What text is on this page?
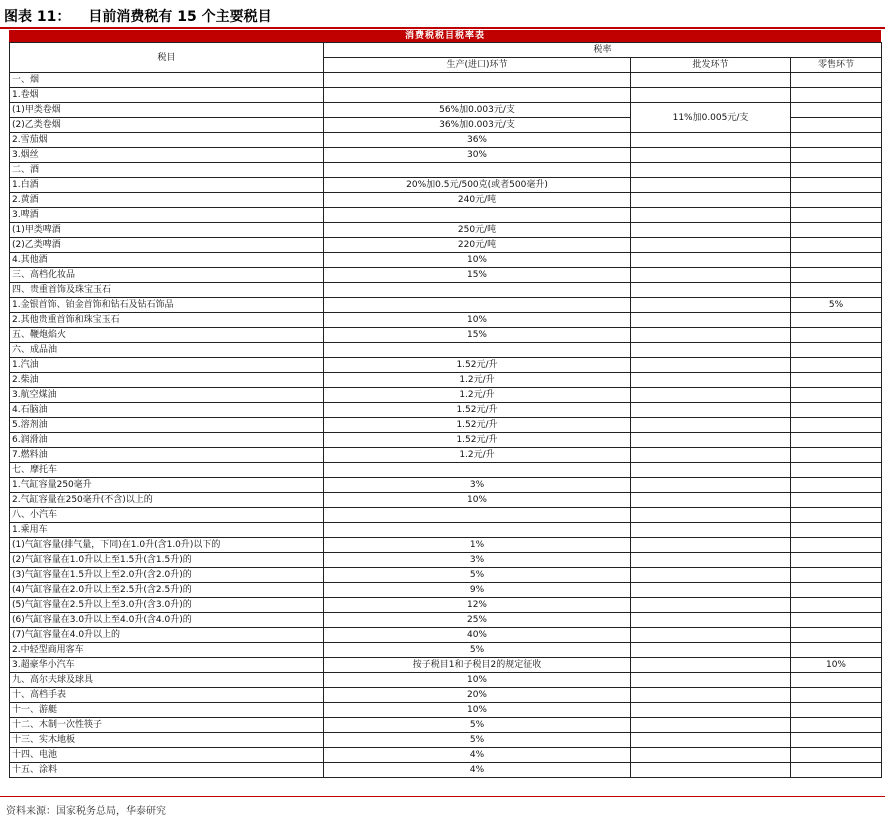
图表 11： 目前消费税有 15 个主要税目
消费税税目税率表
税目	税率		
	生产(进口)环节	批发环节	零售环节
一、烟			
1.卷烟			
(1)甲类卷烟	56%加0.003元/支	11%加0.005元/支	
(2)乙类卷烟	36%加0.003元/支		
2.雪茄烟	36%		
3.烟丝	30%		
二、酒			
1.白酒	20%加0.5元/500克(或者500毫升)		
2.黄酒	240元/吨		
3.啤酒			
(1)甲类啤酒	250元/吨		
(2)乙类啤酒	220元/吨		
4.其他酒	10%		
三、高档化妆品	15%		
四、贵重首饰及珠宝玉石			
1.金银首饰、铂金首饰和钻石及钻石饰品			5%
2.其他贵重首饰和珠宝玉石	10%		
五、鞭炮焰火	15%		
六、成品油			
1.汽油	1.52元/升		
2.柴油	1.2元/升		
3.航空煤油	1.2元/升		
4.石脑油	1.52元/升		
5.溶剂油	1.52元/升		
6.润滑油	1.52元/升		
7.燃料油	1.2元/升		
七、摩托车			
1.气缸容量250毫升	3%		
2.气缸容量在250毫升(不含)以上的	10%		
八、小汽车			
1.乘用车			
(1)气缸容量(排气量，下同)在1.0升(含1.0升)以下的	1%		
(2)气缸容量在1.0升以上至1.5升(含1.5升)的	3%		
(3)气缸容量在1.5升以上至2.0升(含2.0升)的	5%		
(4)气缸容量在2.0升以上至2.5升(含2.5升)的	9%		
(5)气缸容量在2.5升以上至3.0升(含3.0升)的	12%		
(6)气缸容量在3.0升以上至4.0升(含4.0升)的	25%		
(7)气缸容量在4.0升以上的	40%		
2.中轻型商用客车	5%		
3.超豪华小汽车	按子税目1和子税目2的规定征收		10%
九、高尔夫球及球具	10%		
十、高档手表	20%		
十一、游艇	10%		
十二、木制一次性筷子	5%		
十三、实木地板	5%		
十四、电池	4%		
十五、涂料	4%		
资料来源：国家税务总局，华泰研究
